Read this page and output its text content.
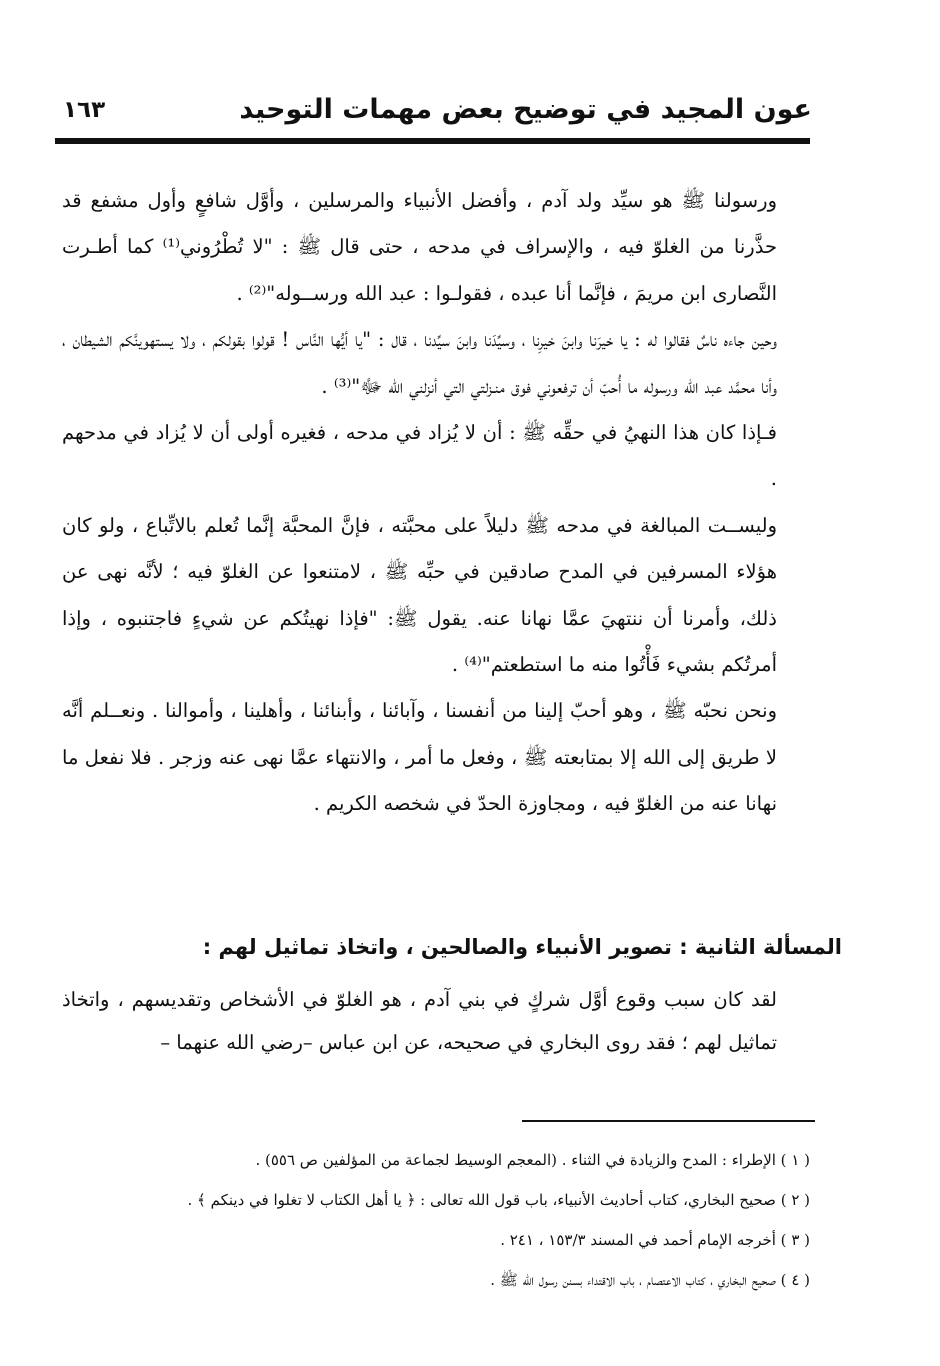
عون المجيد في توضيح بعض مهمات التوحيد
١٦٣

ورسولنا ﷺ هو سيِّد ولد آدم ، وأفضل الأنبياء والمرسلين ، وأوَّل شافعٍ وأول مشفع قد حذَّرنا من الغلوّ فيه ، والإسراف في مدحه ، حتى قال ﷺ : "لا تُطْرُوني⁽¹⁾ كما أطـرت النَّصارى ابن مريمَ ، فإنَّما أنا عبده ، فقولـوا : عبد الله ورســوله"⁽²⁾ .

وحين جاءه ناسٌ فقالوا له : يا خيرَنا وابنَ خيرِنا ، وسيِّدَنا وابنَ سيِّدنا ، قال : "يا أيُّها النَّاس ! قولوا بقولكم ، ولا يستهوينَّكم الشيطان ، وأنا محمَّد عبد الله ورسوله ما أُحبّ أن ترفعوني فوق منـزلتي التي أنزلني الله ﷻ"⁽³⁾ .

فـإذا كان هذا النهيُ في حقِّه ﷺ : أن لا يُزاد في مدحه ، فغيره أولى أن لا يُزاد في مدحهم .

وليســت المبالغة في مدحه ﷺ دليلاً على محبَّته ، فإنَّ المحبَّة إنَّما تُعلم بالاتِّباع ، ولو كان هؤلاء المسرفين في المدح صادقين في حبِّه ﷺ ، لامتنعوا عن الغلوّ فيه ؛ لأنَّه نهى عن ذلك، وأمرنا أن ننتهيَ عمَّا نهانا عنه. يقول ﷺ: "فإذا نهيتُكم عن شيءٍ فاجتنبوه ، وإذا أمرتُكم بشيء فَأْتُوا منه ما استطعتم"⁽⁴⁾ .

ونحن نحبّه ﷺ ، وهو أحبّ إلينا من أنفسنا ، وآبائنا ، وأبنائنا ، وأهلينا ، وأموالنا . ونعــلم أنَّه لا طريق إلى الله إلا بمتابعته ﷺ ، وفعل ما أمر ، والانتهاء عمَّا نهى عنه وزجر . فلا نفعل ما نهانا عنه من الغلوّ فيه ، ومجاوزة الحدّ في شخصه الكريم .

المسألة الثانية : تصوير الأنبياء والصالحين ، واتخاذ تماثيل لهم :

لقد كان سبب وقوع أوَّل شركٍ في بني آدم ، هو الغلوّ في الأشخاص وتقديسهم ، واتخاذ تماثيل لهم ؛ فقد روى البخاري في صحيحه، عن ابن عباس –رضي الله عنهما –

( ١ ) الإطراء : المدح والزيادة في الثناء . (المعجم الوسيط لجماعة من المؤلفين ص ٥٥٦) .
( ٢ ) صحيح البخاري، كتاب أحاديث الأنبياء، باب قول الله تعالى : ﴿ يا أهل الكتاب لا تغلوا في دينكم ﴾ .
( ٣ ) أخرجه الإمام أحمد في المسند ١٥٣/٣ ، ٢٤١ .
( ٤ ) صحيح البخاري ، كتاب الاعتصام ، باب الاقتداء بسنن رسول الله ﷺ .
